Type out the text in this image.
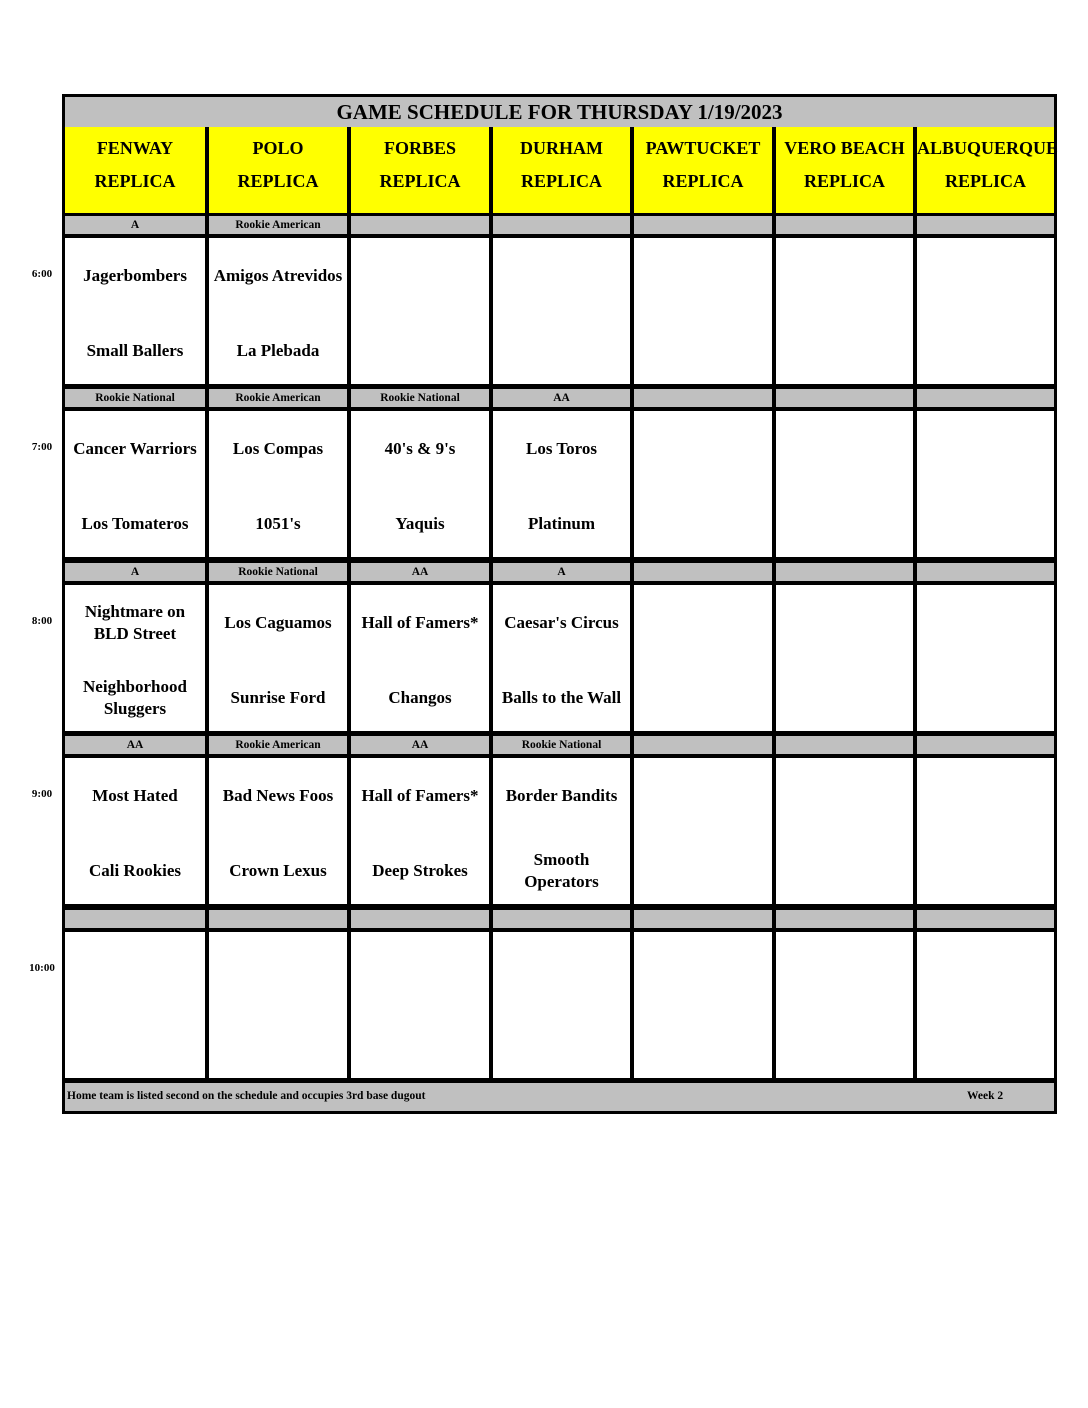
GAME SCHEDULE FOR THURSDAY 1/19/2023
FENWAY
REPLICA
POLO
REPLICA
FORBES
REPLICA
DURHAM
REPLICA
PAWTUCKET
REPLICA
VERO BEACH
REPLICA
ALBUQUERQUE
REPLICA
A
Jagerbombers
Small Ballers
Rookie American
Amigos Atrevidos
La Plebada
Rookie National
Cancer Warriors
Los Tomateros
Rookie American
Los Compas
1051's
Rookie National
40's & 9's
Yaquis
AA
Los Toros
Platinum
A
Nightmare on
BLD Street
Neighborhood
Sluggers
Rookie National
Los Caguamos
Sunrise Ford
AA
Hall of Famers*
Changos
A
Caesar's Circus
Balls to the Wall
AA
Most Hated
Cali Rookies
Rookie American
Bad News Foos
Crown Lexus
AA
Hall of Famers*
Deep Strokes
Rookie National
Border Bandits
Smooth
Operators
Home team is listed second on the schedule and occupies 3rd base dugout	Week 2
6:00
7:00
8:00
9:00
10:00
